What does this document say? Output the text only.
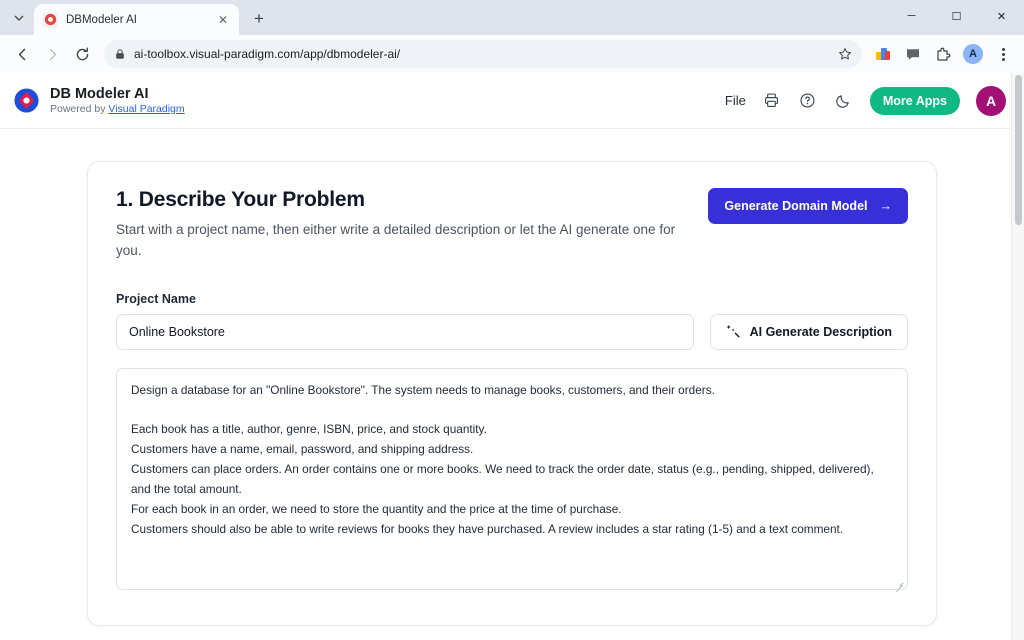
DBModeler AI	✕	+	─	☐	✕
ai-toolbox.visual-paradigm.com/app/dbmodeler-ai/	A
DB Modeler AI
Powered by Visual Paradigm
File	More Apps	A
1. Describe Your Problem

Start with a project name, then either write a detailed description or let the AI generate one for you.

Generate Domain Model →
Project Name
Online Bookstore
AI Generate Description
Design a database for an "Online Bookstore". The system needs to manage books, customers, and their orders. Each book has a title, author, genre, ISBN, price, and stock quantity. Customers have a name, email, password, and shipping address. Customers can place orders. An order contains one or more books. We need to track the order date, status (e.g., pending, shipped, delivered), and the total amount. For each book in an order, we need to store the quantity and the price at the time of purchase. Customers should also be able to write reviews for books they have purchased. A review includes a star rating (1-5) and a text comment.
